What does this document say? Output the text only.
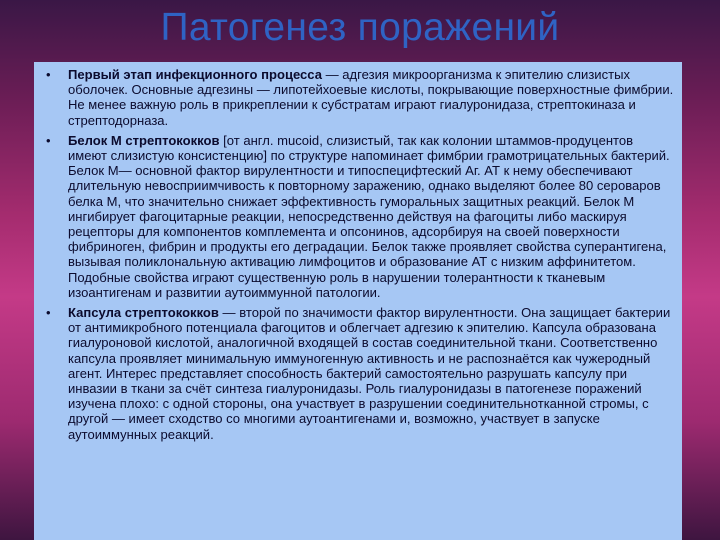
Патогенез поражений
• Первый этап инфекционного процесса — адгезия микроорганизма к эпителию слизистых оболочек. Основные адгезины — липотейхоевые кислоты, покрывающие поверхностные фимбрии. Не менее важную роль в прикреплении к субстратам играют гиалуронидаза, стрептокиназа и стрептодорназа.
• Белок M стрептококков [от англ. mucoid, слизистый, так как колонии штаммов-продуцентов имеют слизистую консистенцию] по структуре напоминает фимбрии грамотрицательных бактерий. Белок M— основной фактор вирулентности и типоспецифтеский Аг. АТ к нему обеспечивают длительную невосприимчивость к повторному заражению, однако выделяют более 80 сероваров белка М, что значительно снижает эффективность гуморальных защитных реакций. Белок М ингибирует фагоцитарные реакции, непосредственно действуя на фагоциты либо маскируя рецепторы для компонентов комплемента и опсонинов, адсорбируя на своей поверхности фибриноген, фибрин и продукты его деградации. Белок также проявляет свойства суперантигена, вызывая поликлональную активацию лимфоцитов и образование АТ с низким аффинитетом. Подобные свойства играют существенную роль в нарушении толерантности к тканевым изоантигенам и развитии аутоиммунной патологии.
• Капсула стрептококков — второй по значимости фактор вирулентности. Она защищает бактерии от антимикробного потенциала фагоцитов и облегчает адгезию к эпителию. Капсула образована гиалуроновой кислотой, аналогичной входящей в состав соединительной ткани. Соответственно капсула проявляет минимальную иммуногенную активность и не распознаётся как чужеродный агент. Интерес представляет способность бактерий самостоятельно разрушать капсулу при инвазии в ткани за счёт синтеза гиалуронидазы. Роль гиалуронидазы в патогенезе поражений изучена плохо: с одной стороны, она участвует в разрушении соединительнотканной стромы, с другой — имеет сходство со многими аутоантигенами и, возможно, участвует в запуске аутоиммунных реакций.
